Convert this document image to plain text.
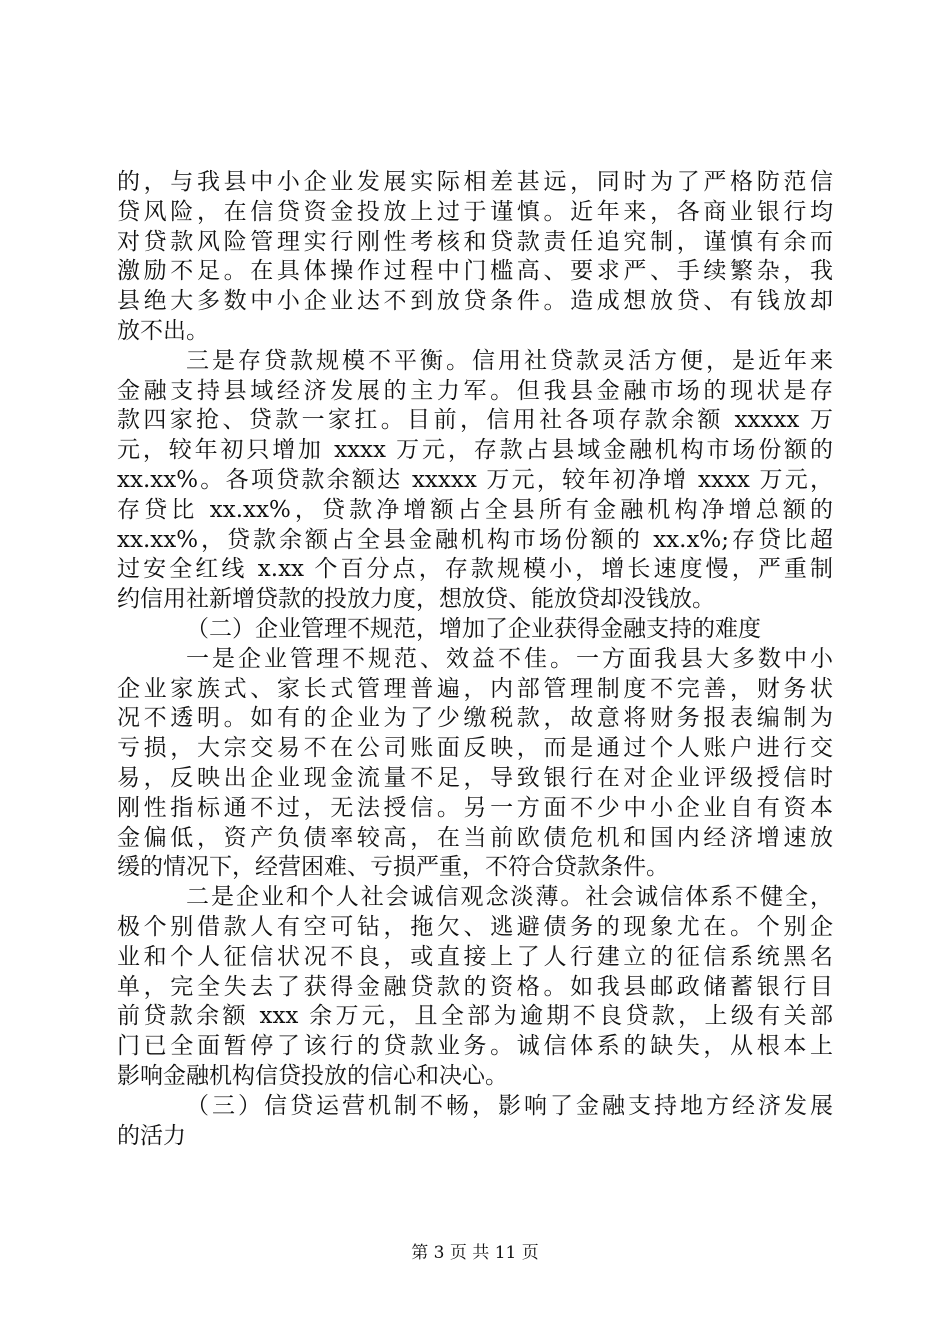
的，与我县中小企业发展实际相差甚远，同时为了严格防范信
贷风险，在信贷资金投放上过于谨慎。近年来，各商业银行均
对贷款风险管理实行刚性考核和贷款责任追究制，谨慎有余而
激励不足。在具体操作过程中门槛高、要求严、手续繁杂，我
县绝大多数中小企业达不到放贷条件。造成想放贷、有钱放却
放不出。
三是存贷款规模不平衡。信用社贷款灵活方便，是近年来
金融支持县域经济发展的主力军。但我县金融市场的现状是存
款四家抢、贷款一家扛。目前，信用社各项存款余额 xxxxx 万
元，较年初只增加 xxxx 万元，存款占县域金融机构市场份额的
xx.xx%。各项贷款余额达 xxxxx 万元，较年初净增 xxxx 万元，
存贷比 xx.xx%，贷款净增额占全县所有金融机构净增总额的
xx.xx%，贷款余额占全县金融机构市场份额的 xx.x%;存贷比超
过安全红线 x.xx 个百分点，存款规模小，增长速度慢，严重制
约信用社新增贷款的投放力度，想放贷、能放贷却没钱放。
（二）企业管理不规范，增加了企业获得金融支持的难度
一是企业管理不规范、效益不佳。一方面我县大多数中小
企业家族式、家长式管理普遍，内部管理制度不完善，财务状
况不透明。如有的企业为了少缴税款，故意将财务报表编制为
亏损，大宗交易不在公司账面反映，而是通过个人账户进行交
易，反映出企业现金流量不足，导致银行在对企业评级授信时
刚性指标通不过，无法授信。另一方面不少中小企业自有资本
金偏低，资产负债率较高，在当前欧债危机和国内经济增速放
缓的情况下，经营困难、亏损严重，不符合贷款条件。
二是企业和个人社会诚信观念淡薄。社会诚信体系不健全，
极个别借款人有空可钻，拖欠、逃避债务的现象尤在。个别企
业和个人征信状况不良，或直接上了人行建立的征信系统黑名
单，完全失去了获得金融贷款的资格。如我县邮政储蓄银行目
前贷款余额 xxx 余万元，且全部为逾期不良贷款，上级有关部
门已全面暂停了该行的贷款业务。诚信体系的缺失，从根本上
影响金融机构信贷投放的信心和决心。
（三）信贷运营机制不畅，影响了金融支持地方经济发展
的活力
第 3 页 共 11 页
